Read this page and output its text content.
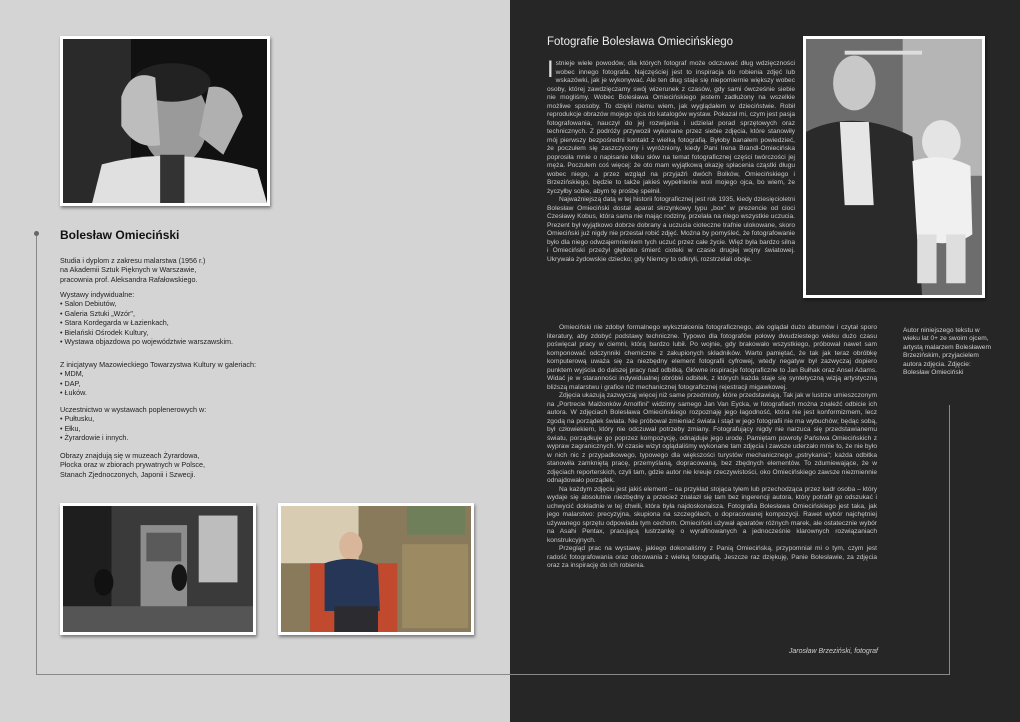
Bolesław Omieciński
Studia i dyplom z zakresu malarstwa (1956 r.)
na Akademii Sztuk Pięknych w Warszawie,
pracownia prof. Aleksandra Rafałowskiego.
Wystawy indywidualne:
• Salon Debiutów,
• Galeria Sztuki „Wzór",
• Stara Kordegarda w Łazienkach,
• Bielański Ośrodek Kultury,
• Wystawa objazdowa po województwie warszawskim.
Z inicjatywy Mazowieckiego Towarzystwa Kultury w galeriach:
• MDM,
• DAP,
• Łuków.
Uczestnictwo w wystawach poplenerowych w:
• Pułtusku,
• Ełku,
• Żyrardowie i innych.
Obrazy znajdują się w muzeach Żyrardowa,
Płocka oraz w zbiorach prywatnych w Polsce,
Stanach Zjednoczonych, Japonii i Szwecji.
Fotografie Bolesława Omiecińskiego

Istnieje wiele powodów, dla których fotograf może odczuwać dług wdzięczności wobec innego fotografa. Najczęściej jest to inspiracja do robienia zdjęć lub wskazówki, jak je wykonywać. Ale ten dług staje się niepomiernie większy wobec osoby, której zawdzięczamy swój wizerunek z czasów, gdy sami ówcześnie siebie nie mogliśmy. Wobec Bolesława Omiecińskiego jestem zadłużony na wszelkie możliwe sposoby. To dzięki niemu wiem, jak wyglądałem w dzieciństwie. Robił reprodukcje obrazów mojego ojca do katalogów wystaw. Pokazał mi, czym jest pasja fotografowania, nauczył do jej rozwijania i udzielał porad sprzętowych oraz technicznych. Z podróży przywoził wykonane przez siebie zdjęcia, które stanowiły mój pierwszy bezpośredni kontakt z wielką fotografią. Byłoby banałem powiedzieć, że poczułem się zaszczycony i wyróżniony, kiedy Pani Irena Brandl-Omiecińska poprosiła mnie o napisanie kilku słów na temat fotograficznej części twórczości jej męża. Poczułem coś więcej: że oto mam wyjątkową okazję spłacenia cząstki długu wobec niego, a przez wzgląd na przyjaźń dwóch Bolków, Omiecińskiego i Brzezińskiego, będzie to także jakieś wypełnienie woli mojego ojca, bo wiem, że życzyłby sobie, abym tę prośbę spełnił.

Najważniejszą datą w tej historii fotograficznej jest rok 1935, kiedy dziesięcioletni Bolesław Omieciński dostał aparat skrzynkowy typu „box" w prezencie od cioci Czesławy Kobus, która sama nie mając rodziny, przelała na niego wszystkie uczucia. Prezent był wyjątkowo dobrze dobrany a uczucia cioteczne trafnie ulokowane, skoro Omieciński już nigdy nie przestał robić zdjęć. Można by pomyśleć, że fotografowanie było dla niego odwzajemnieniem tych uczuć przez całe życie. Więź była bardzo silna i Omieciński przeżył głęboko śmierć cioteki w czasie drugiej wojny światowej. Ukrywała żydowskie dziecko; gdy Niemcy to odkryli, rozstrzelali oboje.

Omieciński nie zdobył formalnego wykształcenia fotograficznego, ale oglądał dużo albumów i czytał sporo literatury, aby zdobyć podstawy techniczne. Typowo dla fotografów połowy dwudziestego wieku dużo czasu poświęcał pracy w ciemni, którą bardzo lubił. Po wojnie, gdy brakowało wszystkiego, próbował nawet sam komponować odczynniki chemiczne z zakupionych składników. Warto pamiętać, że tak jak teraz obróbkę komputerową uważa się za niezbędny element fotografii cyfrowej, wtedy negatyw był zazwyczaj dopiero punktem wyjścia do dalszej pracy nad odbitką. Główne inspiracje fotograficzne to Jan Bułhak oraz Ansel Adams. Widać je w staranności indywidualnej obróbki odbitek, z których każda staje się syntetyczną wizją artystyczną bliższą malarstwu i grafice niż mechanicznej fotograficznej rejestracji migawkowej.

Zdjęcia ukazują zazwyczaj więcej niż same przedmioty, które przedstawiają. Tak jak w lustrze umieszczonym na „Portrecie Małżonków Arnolfini" widzimy samego Jan Van Eycka, w fotografiach można znaleźć odbicie ich autora. W zdjęciach Bolesława Omiecińskiego rozpoznaję jego łagodność, która nie jest konformizmem, lecz zgodą na porządek świata. Nie próbował zmieniać świata i stąd w jego fotografii nie ma wybuchów; będąc sobą, był człowiekiem, który nie odczuwał potrzeby zmiany. Fotografujący nigdy nie narzuca się przedstawianemu światu, porządkuje go poprzez kompozycję, odnajduje jego urodę. Pamiętam powroty Państwa Omiecińskich z wypraw zagranicznych. W czasie wizyt oglądaliśmy wykonane tam zdjęcia i zawsze uderzało mnie to, że nie było w nich nic z przypadkowego, typowego dla większości turystów mechanicznego „pstrykania"; każda odbitka stanowiła zamkniętą pracę, przemyślaną, dopracowaną, bez zbędnych elementów. To zdumiewające, że w zdjęciach reporterskich, czyli tam, gdzie autor nie kreuje rzeczywistości, oko Omiecińskiego zawsze niezmiennie odnajdowało porządek.

Na każdym zdjęciu jest jakiś element – na przykład stojąca tyłem lub przechodząca przez kadr osoba – który wydaje się absolutnie niezbędny a przecież znalazł się tam bez ingerencji autora, który potrafił go odszukać i uchwycić dokładnie w tej chwili, która była najdoskonalsza. Fotografia Bolesława Omiecińskiego jest taka, jak jego malarstwo: precyzyjna, skupiona na szczegółach, o dopracowanej kompozycji. Rawet wybór najchętniej używanego sprzętu odpowiada tym cechom. Omieciński używał aparatów różnych marek, ale ostatecznie wybór na Asahi Pentax, pracującą lustrzankę o wyrafinowanych a jednocześnie klarownych rozwiązaniach konstrukcyjnych.

Przegląd prac na wystawę, jakiego dokonaliśmy z Panią Omiecińską, przypomniał mi o tym, czym jest radość fotografowania oraz obcowania z wielką fotografią. Jeszcze raz dziękuję, Panie Bolesławie, za zdjęcia oraz za inspirację do ich robienia.

Jarosław Brzeziński, fotograf
Autor niniejszego tekstu w wieku lat 0+ ze swoim ojcem, artystą malarzem Bolesławem Brzezińskim, przyjacielem autora zdjęcia. Zdjęcie: Bolesław Omieciński
